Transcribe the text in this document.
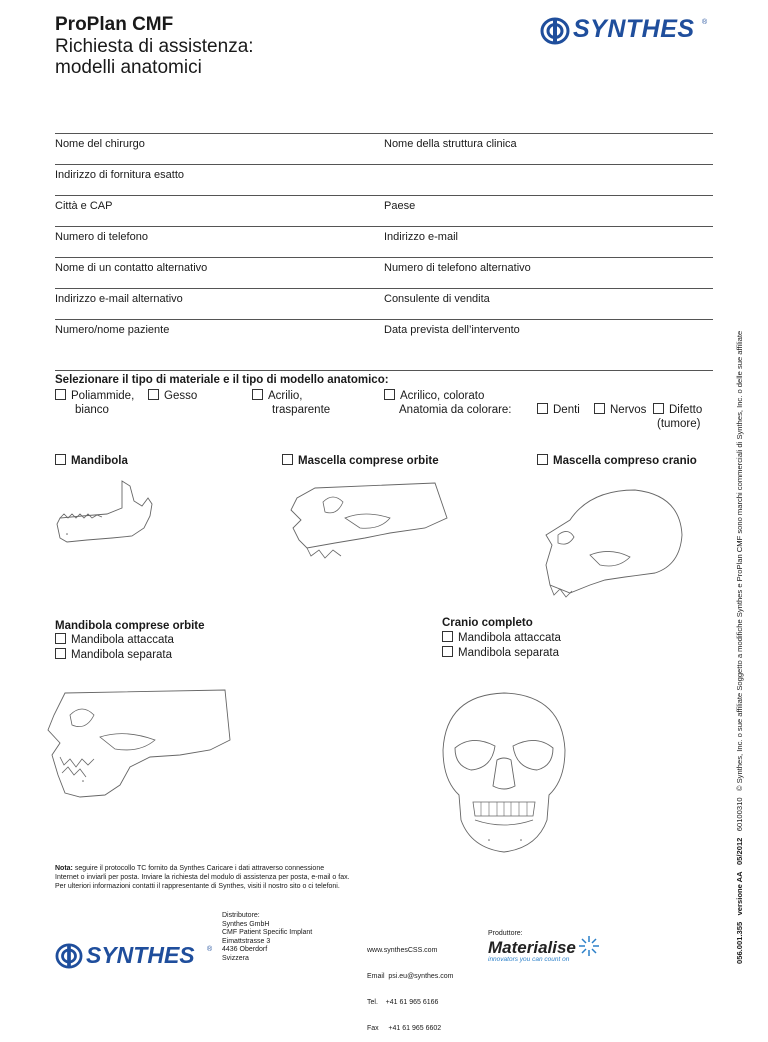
ProPlan CMF
Richiesta di assistenza:
modelli anatomici
SYNTHES ®
Nome del chirurgo	Nome della struttura clinica
Indirizzo di fornitura esatto
Città e CAP	Paese
Numero di telefono	Indirizzo e-mail
Nome di un contatto alternativo	Numero di telefono alternativo
Indirizzo e-mail alternativo	Consulente di vendita
Numero/nome paziente	Data prevista dell’intervento
Selezionare il tipo di materiale e il tipo di modello anatomico:
Poliammide,
bianco
Gesso	Acrilio,
trasparente
Acrilico, colorato
Anatomia da colorare:	Denti	Nervos	Difetto
(tumore)
Mandibola	Mascella comprese orbite	Mascella compreso cranio
Mandibola comprese orbite
Mandibola attaccata
Mandibola separata
Cranio completo
Mandibola attaccata
Mandibola separata
Nota: seguire il protocollo TC fornito da Synthes Caricare i dati attraverso connessione
Internet o inviarli per posta. Inviare la richiesta del modulo di assistenza per posta, e-mail o fax.
Per ulteriori informazioni contatti il rappresentante di Synthes, visiti il nostro sito o ci telefoni.
SYNTHES ®
Distributore:
Synthes GmbH
CMF Patient Specific Implant
Eimattstrasse 3
4436 Oberdorf
Svizzera

www.synthesCSS.com

Email  psi.eu@synthes.com

Tel.    +41 61 965 6166

Fax     +41 61 965 6602

Produttore:
Materialise
innovators you can count on	056.001.355   versione AA   05/2012   60100310   © Synthes, Inc. o sue affiliate Soggetto a modifiche Synthes e ProPlan CMF sono marchi commerciali di Synthes, Inc. o delle sue affiliate
